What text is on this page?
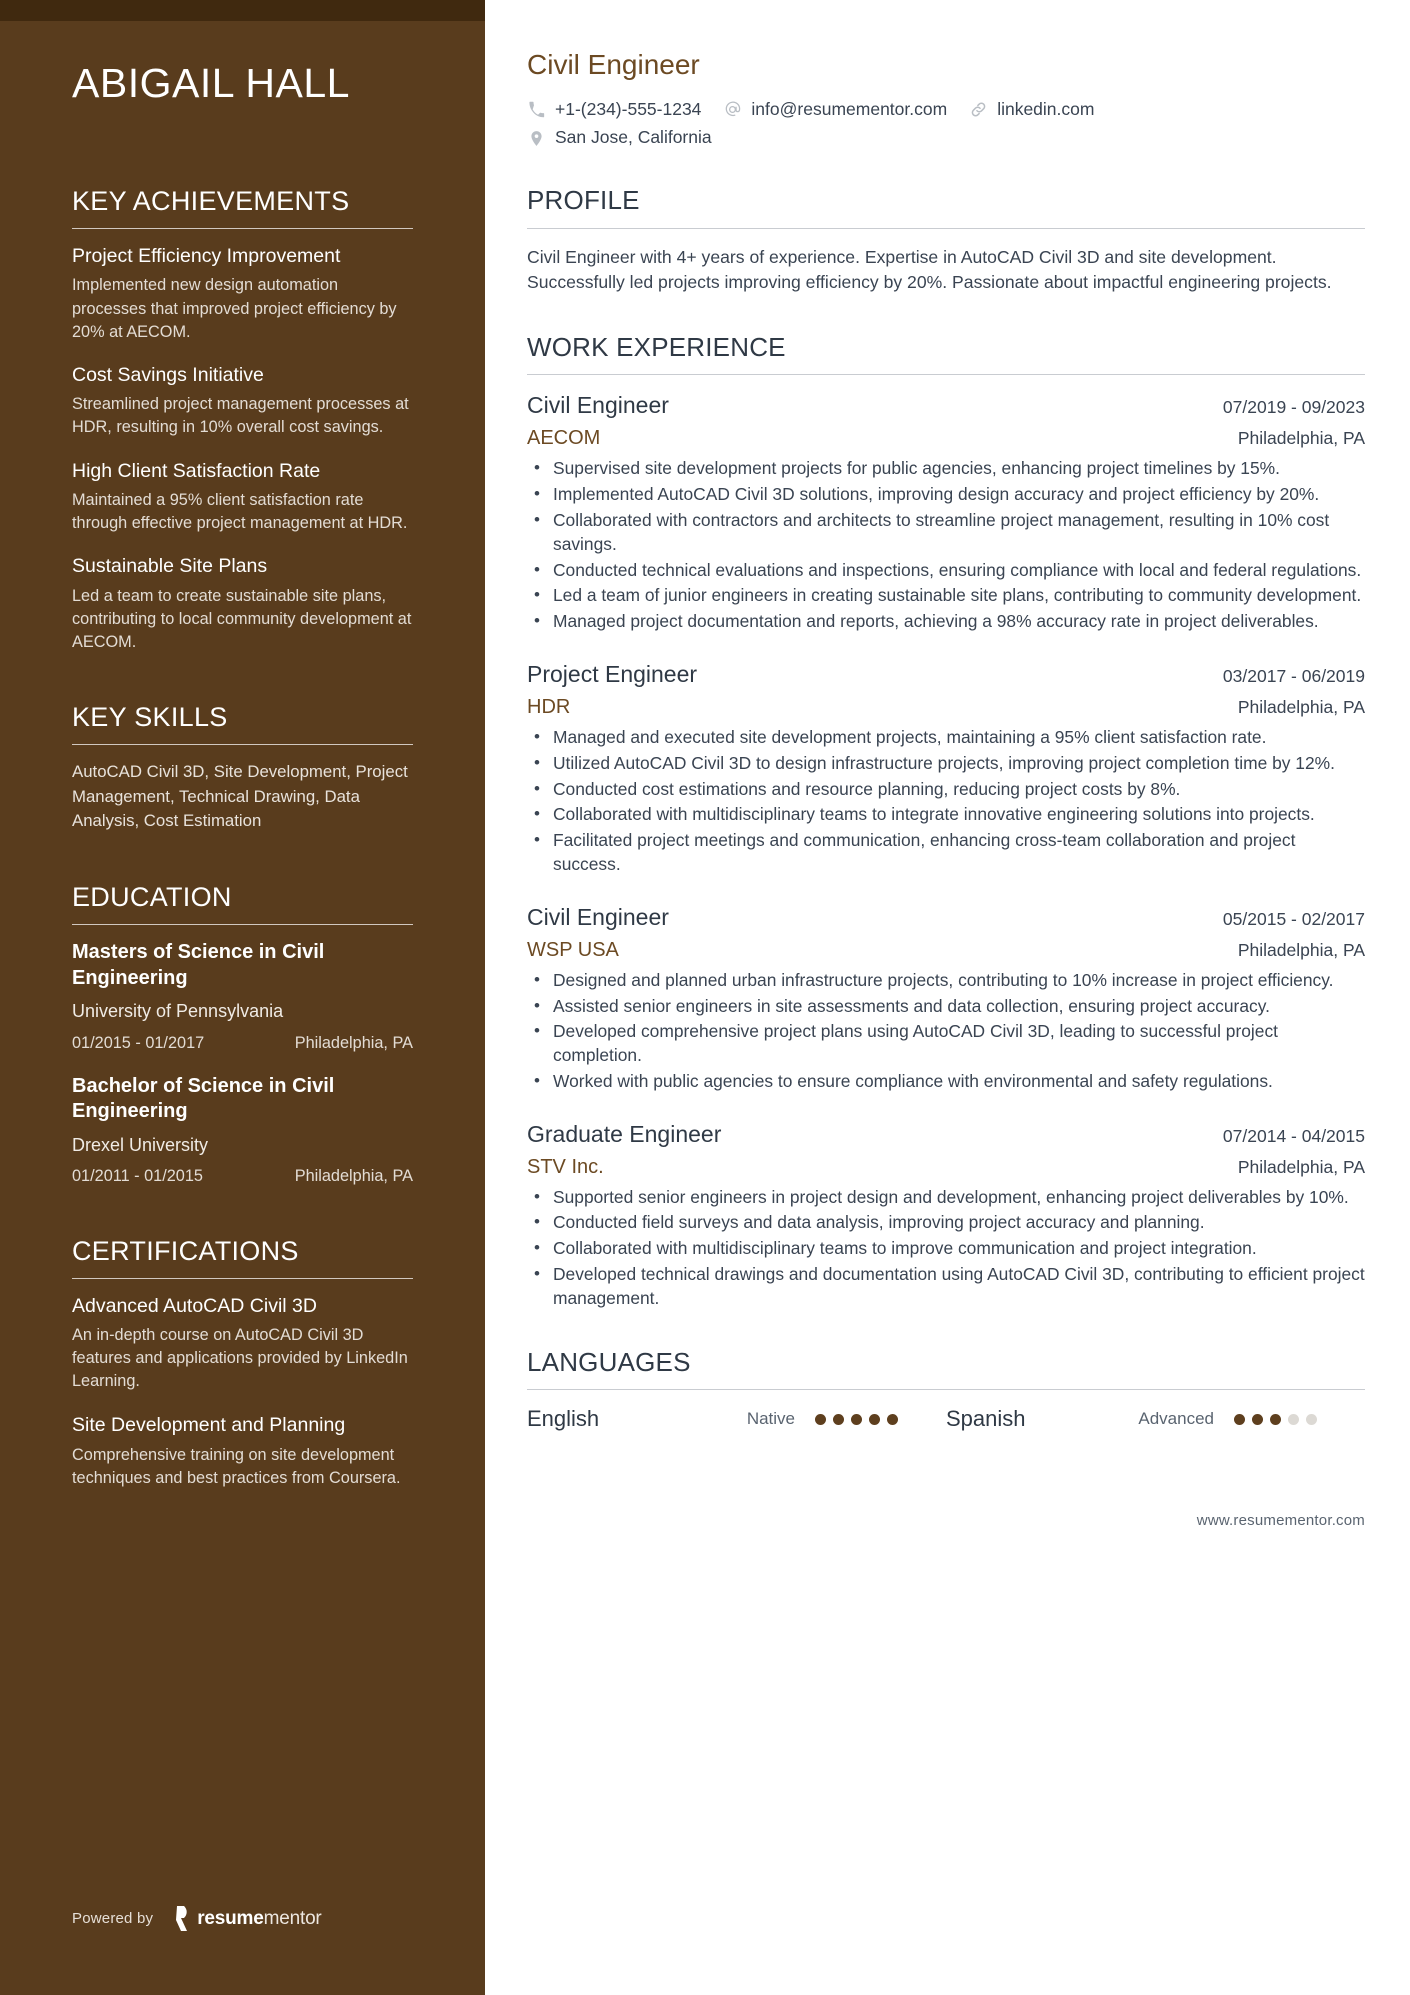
ABIGAIL HALL
KEY ACHIEVEMENTS
Project Efficiency Improvement
Implemented new design automation processes that improved project efficiency by 20% at AECOM.
Cost Savings Initiative
Streamlined project management processes at HDR, resulting in 10% overall cost savings.
High Client Satisfaction Rate
Maintained a 95% client satisfaction rate through effective project management at HDR.
Sustainable Site Plans
Led a team to create sustainable site plans, contributing to local community development at AECOM.
KEY SKILLS
AutoCAD Civil 3D, Site Development, Project Management, Technical Drawing, Data Analysis, Cost Estimation
EDUCATION
Masters of Science in Civil Engineering
University of Pennsylvania
01/2015 - 01/2017	Philadelphia, PA
Bachelor of Science in Civil Engineering
Drexel University
01/2011 - 01/2015	Philadelphia, PA
CERTIFICATIONS
Advanced AutoCAD Civil 3D
An in-depth course on AutoCAD Civil 3D features and applications provided by LinkedIn Learning.
Site Development and Planning
Comprehensive training on site development techniques and best practices from Coursera.
Powered by resumementor
Civil Engineer
+1-(234)-555-1234	info@resumementor.com	linkedin.com
San Jose, California
PROFILE

Civil Engineer with 4+ years of experience. Expertise in AutoCAD Civil 3D and site development. Successfully led projects improving efficiency by 20%. Passionate about impactful engineering projects.

WORK EXPERIENCE
Civil Engineer	07/2019 - 09/2023
AECOM	Philadelphia, PA
• Supervised site development projects for public agencies, enhancing project timelines by 15%.
• Implemented AutoCAD Civil 3D solutions, improving design accuracy and project efficiency by 20%.
• Collaborated with contractors and architects to streamline project management, resulting in 10% cost savings.
• Conducted technical evaluations and inspections, ensuring compliance with local and federal regulations.
• Led a team of junior engineers in creating sustainable site plans, contributing to community development.
• Managed project documentation and reports, achieving a 98% accuracy rate in project deliverables.
Project Engineer	03/2017 - 06/2019
HDR	Philadelphia, PA
• Managed and executed site development projects, maintaining a 95% client satisfaction rate.
• Utilized AutoCAD Civil 3D to design infrastructure projects, improving project completion time by 12%.
• Conducted cost estimations and resource planning, reducing project costs by 8%.
• Collaborated with multidisciplinary teams to integrate innovative engineering solutions into projects.
• Facilitated project meetings and communication, enhancing cross-team collaboration and project success.
Civil Engineer	05/2015 - 02/2017
WSP USA	Philadelphia, PA
• Designed and planned urban infrastructure projects, contributing to 10% increase in project efficiency.
• Assisted senior engineers in site assessments and data collection, ensuring project accuracy.
• Developed comprehensive project plans using AutoCAD Civil 3D, leading to successful project completion.
• Worked with public agencies to ensure compliance with environmental and safety regulations.
Graduate Engineer	07/2014 - 04/2015
STV Inc.	Philadelphia, PA
• Supported senior engineers in project design and development, enhancing project deliverables by 10%.
• Conducted field surveys and data analysis, improving project accuracy and planning.
• Collaborated with multidisciplinary teams to improve communication and project integration.
• Developed technical drawings and documentation using AutoCAD Civil 3D, contributing to efficient project management.
LANGUAGES
English	Native	Spanish	Advanced
www.resumementor.com
